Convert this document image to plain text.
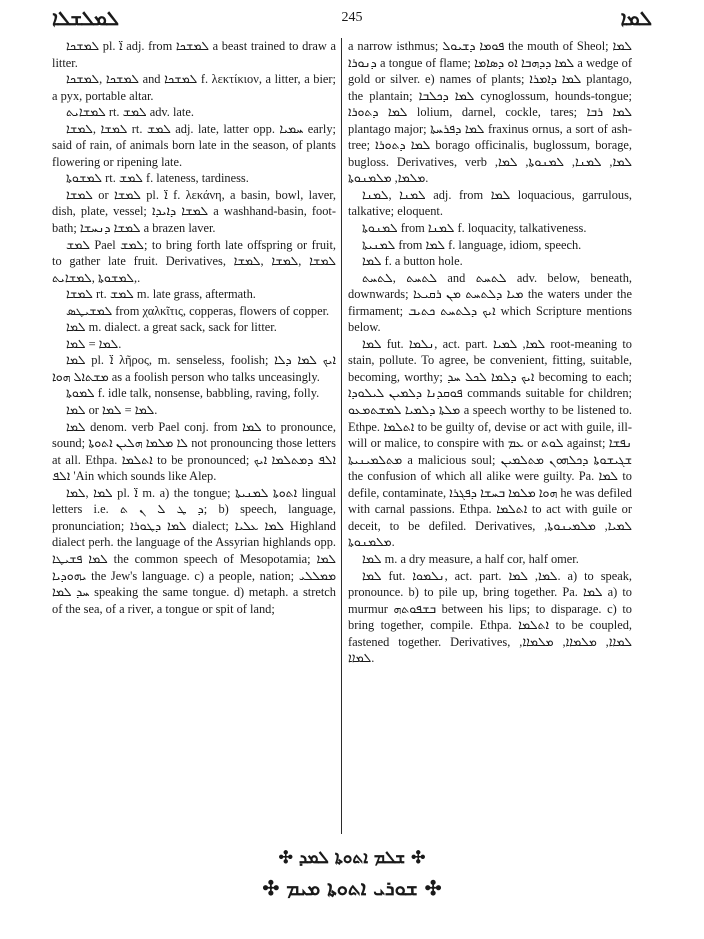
ܠܡܠܫܠܐ	245	ܠܡܐ

ܠܡܫܟܐ pl. ܐ̈ adj. from ܠܡܫܟܐ a beast trained to draw a litter.

ܠܡܫܟܐ ,ܠܡܫܟܐ and ܠܡܫܟܐ f. λεκτίκιον, a litter, a bier; a pyx, portable altar.

ܠܡܫܐܝܬ rt. ܠܡܫ adv. late.

ܠܡܫܐ ,ܠܡܫܐ rt. ܠܡܫ adj. late, latter opp. ܚܡܝܐ early; said of rain, of animals born late in the season, of plants flowering or ripening late.

ܠܡܫܘܬܐ rt. ܠܡܫ f. lateness, tardiness.

ܠܡܫܐ or ܠܡܫܐ pl. ܐ̈ f. λεκάνη, a basin, bowl, laver, dish, plate, vessel; ܠܡܫܐ ܕܐܝܕܐ a washhand-basin, foot-bath; ܠܡܫܐ ܕܢܚܫܐ a brazen laver.

ܠܡܫ Pael ܠܡܫ; to bring forth late offspring or fruit, to gather late fruit. Derivatives, ܠܡܫܐ ,ܠܡܫܐ ,ܠܡܫܐ ,ܠܡܫܘܬܐ ,ܠܡܫܐܝܬ.

ܠܡܫܐ rt. ܠܡܫ m. late grass, aftermath.

ܠܡܫܝܛܣ from χαλκῖτις, copperas, flowers of copper.

ܠܡܐ m. dialect. a great sack, sack for litter.

ܠܡܐ = ܠܡܐ.

ܠܡܐ pl. ܐ̈ λῆρος, m. senseless, foolish; ܐܝܟ ܠܡܐ ܕܠܐ ܡܫܬܐܠ ܗܘܐ as a foolish person who talks unceasingly.

ܠܡܘܬܐ f. idle talk, nonsense, babbling, raving, folly.

ܠܡܐ or ܠܡܐ = ܠܡܐ.

ܠܡܐ denom. verb Pael conj. from ܠܡܐ to pronounce, sound; ܠܐ ܡܠܡܐ ܗܠܝܢ ܐܬܘܬܐ not pronouncing those letters at all. Ethpa. ܐܬܠܡܐ to be pronounced; ܐܠܦ ܕܡܬܠܡܐ ܐܝܟ ܐܠܦ 'Ain which sounds like Alep.

ܠܡܐ ,ܠܡܐ pl. ܐ̈ m. a) the tongue; ܐܬܘܬܐ ܠܡܢܝܬܐ lingual letters i.e. ܕ ܛ ܠ ܢ ܬ; b) speech, language, pronunciation; ܠܡܐ ܕܛܘܪܐ dialect; ܠܡܐ ܥܠܝܐ Highland dialect perh. the language of the Assyrian highlands opp. ܠܡܐ ܦܫܝܛܐ the common speech of Mesopotamia; ܠܡܐ ܝܗܘܕܝܐ the Jew's language. c) a people, nation; ܡܡܠܠܝ ܚܕ ܠܡܐ speaking the same tongue. d) metaph. a stretch of the sea, of a river, a tongue or spit of land;

a narrow isthmus; ܦܘܡܐ ܕܫܝܘܠ the mouth of Sheol; ܠܡܐ ܕܢܘܪܐ a tongue of flame; ܠܡܐ ܕܕܗܒܐ ܐܘ ܕܣܐܡܐ a wedge of gold or silver. e) names of plants; ܠܡܐ ܕܐܡܪܐ plantago, the plantain; ܠܡܐ ܕܟܠܒܐ cynoglossum, hounds-tongue; ܠܡܐ ܕܬܘܪܐ lolium, darnel, cockle, tares; ܠܡܐ ܪܒܐ plantago major; ܠܡܐ ܕܦܪܚܬܐ fraxinus ornus, a sort of ash-tree; ܠܡܐ ܕܬܘܪܐ borago officinalis, buglossum, borage, bugloss. Derivatives, verb ܠܡܐ, ܠܡܢܐ, ܠܡܢܘܬܐ, ܠܡܐ, ܡܠܡܐ, ܡܠܡܢܘܬܐ.

ܠܡܢܐ ,ܠܡܢܐ adj. from ܠܡܐ loquacious, garrulous, talkative; eloquent.

ܠܡܢܘܬܐ from ܠܡܢܐ f. loquacity, talkativeness.

ܠܡܢܝܬܐ from ܠܡܐ f. language, idiom, speech.

ܠܡܐ f. a button hole.

ܠܬܚܬ ,ܠܬܚܬ and ܠܬܚܬ adv. below, beneath, downwards; ܡܝܐ ܕܠܬܚܬ ܡܢ ܪܩܝܥܐ the waters under the firmament; ܐܝܟ ܕܠܬܚܬ ܟܬܝܒ which Scripture mentions below.

ܠܡܐ fut. ܢܠܡܐ, act. part. ܠܡܐ, ܠܡܝܐ root-meaning to stain, pollute. To agree, be convenient, fitting, suitable, becoming, worthy; ܐܝܟ ܕܠܡܐ ܠܟܠ ܚܕ becoming to each; ܦܘܩܕܢܐ ܕܠܡܝܢ ܠܝܠܘܕܐ commands suitable for children; ܡܠܬܐ ܕܠܡܝܐ ܠܡܫܬܡܥܘ a speech worthy to be listened to. Ethpe. ܐܬܠܡܐ to be guilty of, devise or act with guile, ill-will or malice, to conspire with ܥܡ or ܠܘܬ against; ܢܦܫܐ ܡܬܠܡܝܢܝܬܐ a malicious soul; ܫܓܝܫܘܬܐ ܕܟܠܗܘܢ ܡܬܠܡܝܢ the confusion of which all alike were guilty. Pa. ܠܡܐ to defile, contaminate, ܗܘܐ ܡܠܡܐ ܒܚܫܐ ܕܦܓܪܐ he was defiled with carnal passions. Ethpa. ܐܬܠܡܐ to act with guile or deceit, to be defiled. Derivatives, ܠܡܝܐ, ܡܠܡܝܢܘܬܐ, ܡܠܡܢܘܬܐ.

ܠܡܐ m. a dry measure, a half cor, half omer.

ܠܡܐ fut. ܢܠܡܘܐ, act. part. ܠܡܐ, ܠܡܐ. a) to speak, pronounce. b) to pile up, bring together. Pa. ܠܡܐ a) to murmur ܒܫܦܘܬܗ between his lips; to disparage. c) to bring together, compile. Ethpa. ܐܬܠܡܐ to be coupled, fastened together. Derivatives, ܠܡܐܐ, ܡܠܡܐܐ, ܡܠܡܐܐ, ܠܡܐܐ.

✣ ܫܠܡ ܐܬܘܬܐ ܠܡܕ ✣
✣ ܫܘܪܝ ܐܬܘܬܐ ܡܝܡ ✣
